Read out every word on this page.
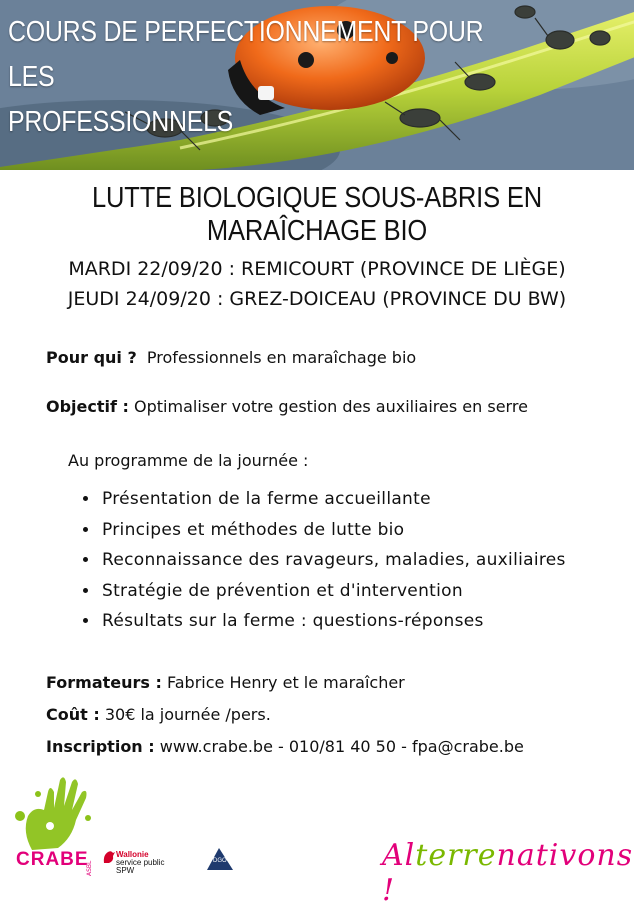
COURS DE PERFECTIONNEMENT POUR LES
PROFESSIONNELS
LUTTE BIOLOGIQUE SOUS-ABRIS EN MARAÎCHAGE BIO
MARDI 22/09/20 : REMICOURT (PROVINCE DE LIÈGE)
JEUDI 24/09/20 : GREZ-DOICEAU (PROVINCE DU BW)
Pour qui ? Professionnels en maraîchage bio
Objectif : Optimaliser votre gestion des auxiliaires en serre
Au programme de la journée :
• Présentation de la ferme accueillante
• Principes et méthodes de lutte bio
• Reconnaissance des ravageurs, maladies, auxiliaires
• Stratégie de prévention et d'intervention
• Résultats sur la ferme : questions-réponses
Formateurs : Fabrice Henry et le maraîcher
Coût : 30€ la journée /pers.
Inscription : www.crabe.be - 010/81 40 50 - fpa@crabe.be
CRABE
ASBL
Wallonie
service public
SPW
DGO 6	Alterrenativons !
